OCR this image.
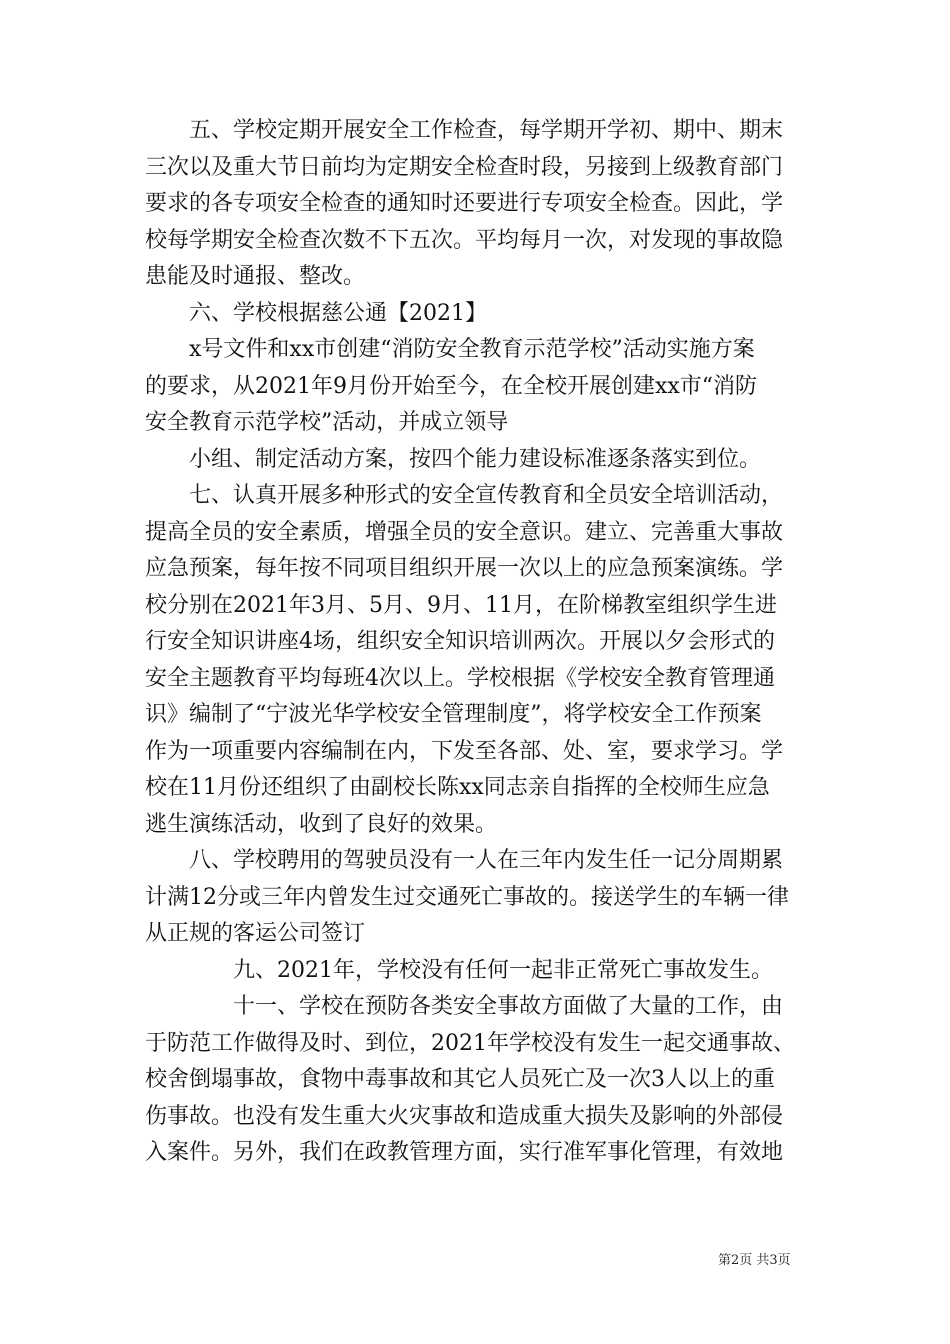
　　五、学校定期开展安全工作检查，每学期开学初、期中、期末
三次以及重大节日前均为定期安全检查时段，另接到上级教育部门
要求的各专项安全检查的通知时还要进行专项安全检查。因此，学
校每学期安全检查次数不下五次。平均每月一次，对发现的事故隐
患能及时通报、整改。

　　六、学校根据慈公通【2021】
　　x号文件和xx市创建“消防安全教育示范学校”活动实施方案
的要求，从2021年9月份开始至今，在全校开展创建xx市“消防
安全教育示范学校”活动，并成立领导
　　小组、制定活动方案，按四个能力建设标准逐条落实到位。

　　七、认真开展多种形式的安全宣传教育和全员安全培训活动，
提高全员的安全素质，增强全员的安全意识。建立、完善重大事故
应急预案，每年按不同项目组织开展一次以上的应急预案演练。学
校分别在2021年3月、5月、9月、11月，在阶梯教室组织学生进
行安全知识讲座4场，组织安全知识培训两次。开展以夕会形式的
安全主题教育平均每班4次以上。学校根据《学校安全教育管理通
识》编制了“宁波光华学校安全管理制度”，将学校安全工作预案
作为一项重要内容编制在内，下发至各部、处、室，要求学习。学
校在11月份还组织了由副校长陈xx同志亲自指挥的全校师生应急
逃生演练活动，收到了良好的效果。

　　八、学校聘用的驾驶员没有一人在三年内发生任一记分周期累
计满12分或三年内曾发生过交通死亡事故的。接送学生的车辆一律
从正规的客运公司签订

　　　　九、2021年，学校没有任何一起非正常死亡事故发生。

　　　　十一、学校在预防各类安全事故方面做了大量的工作，由
于防范工作做得及时、到位，2021年学校没有发生一起交通事故、
校舍倒塌事故，食物中毒事故和其它人员死亡及一次3人以上的重
伤事故。也没有发生重大火灾事故和造成重大损失及影响的外部侵
入案件。另外，我们在政教管理方面，实行准军事化管理，有效地

第2页 共3页
